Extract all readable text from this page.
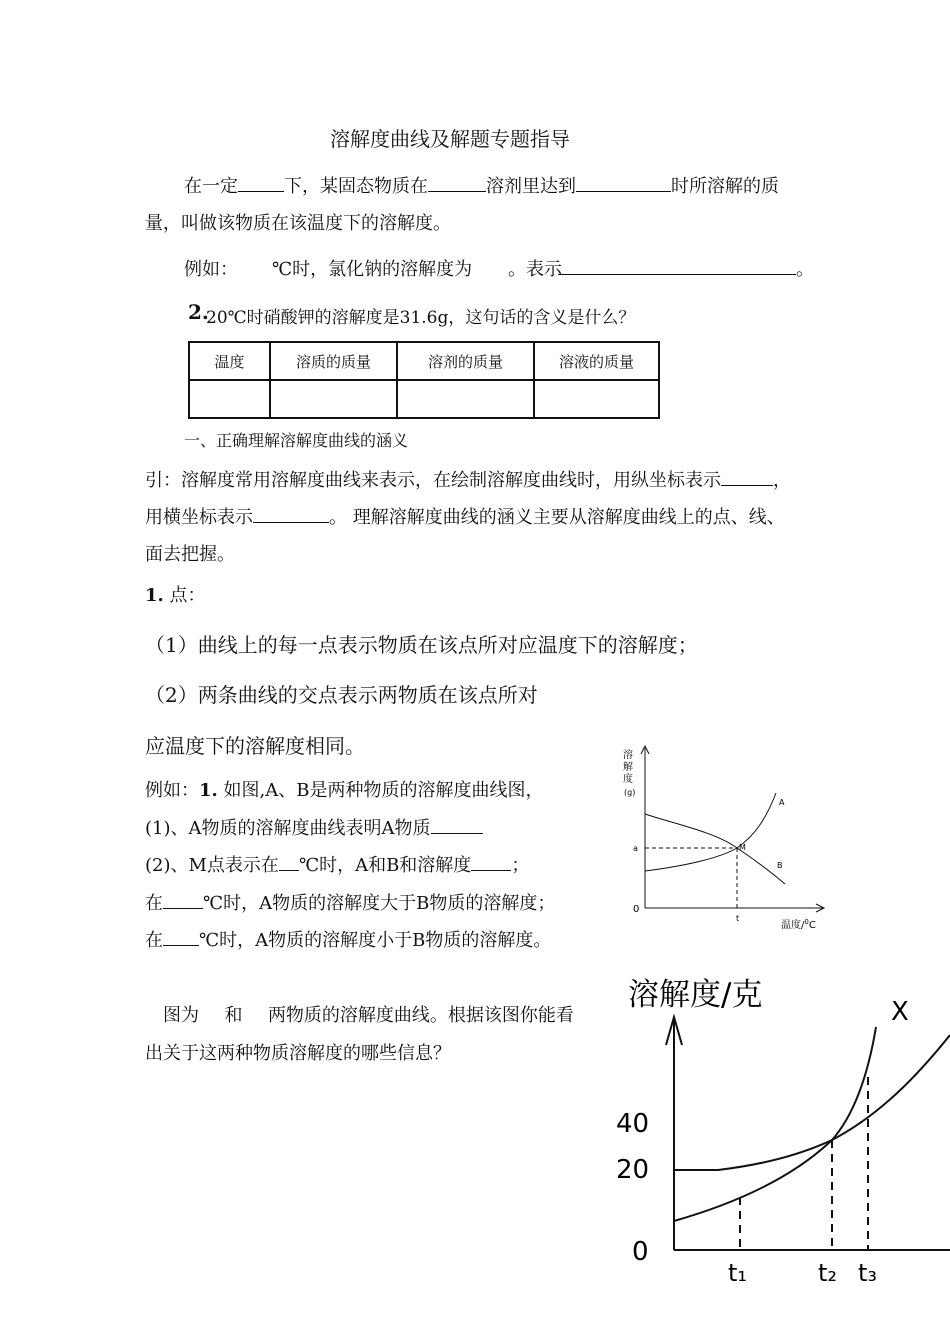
溶解度曲线及解题专题指导
在一定	下，某固态物质在	溶剂里达到	时所溶解的质
量，叫做该物质在该温度下的溶解度。
例如： ℃时，氯化钠的溶解度为 。表示	。
2.
20℃时硝酸钾的溶解度是31.6g，这句话的含义是什么？
温度	溶质的质量	溶剂的质量	溶液的质量

一、正确理解溶解度曲线的涵义
引：溶解度常用溶解度曲线来表示，在绘制溶解度曲线时，用纵坐标表示	，
用横坐标表示	。 理解溶解度曲线的涵义主要从溶解度曲线上的点、线、
面去把握。
1. 点：
（1）曲线上的每一点表示物质在该点所对应温度下的溶解度；
（2）两条曲线的交点表示两物质在该点所对
应温度下的溶解度相同。
例如：1. 如图,A、B是两种物质的溶解度曲线图，
(1)、A物质的溶解度曲线表明A物质
(2)、M点表示在 ℃时，A和B和溶解度 ；
在 ℃时，A物质的溶解度大于B物质的溶解度；
在 ℃时，A物质的溶解度小于B物质的溶解度。
图为 和 两物质的溶解度曲线。根据该图你能看
出关于这两种物质溶解度的哪些信息？
溶
解
度
(g)
0
a
t
温度/$^0$C
M
A
B
溶解度/克	X
40
20
0
t₁	t₂ t₃
